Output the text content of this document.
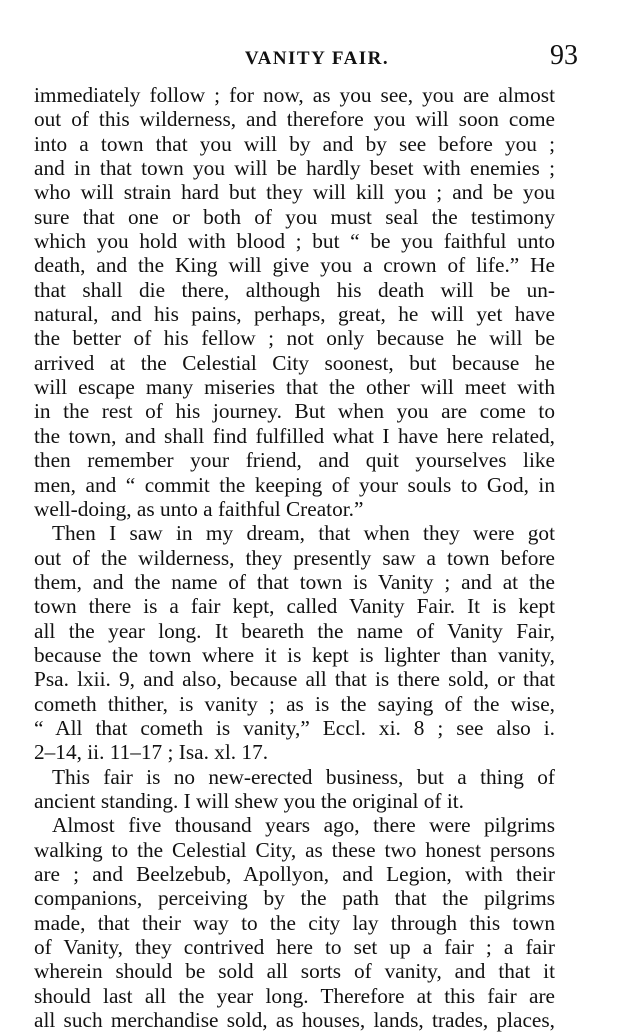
VANITY FAIR.	93
immediately follow ; for now, as you see, you are almost
out of this wilderness, and therefore you will soon come
into a town that you will by and by see before you ;
and in that town you will be hardly beset with enemies ;
who will strain hard but they will kill you ; and be you
sure that one or both of you must seal the testimony
which you hold with blood ; but “ be you faithful unto
death, and the King will give you a crown of life.” He
that shall die there, although his death will be un-
natural, and his pains, perhaps, great, he will yet have
the better of his fellow ; not only because he will be
arrived at the Celestial City soonest, but because he
will escape many miseries that the other will meet with
in the rest of his journey. But when you are come to
the town, and shall find fulfilled what I have here related,
then remember your friend, and quit yourselves like
men, and “ commit the keeping of your souls to God, in
well-doing, as unto a faithful Creator.”
Then I saw in my dream, that when they were got
out of the wilderness, they presently saw a town before
them, and the name of that town is Vanity ; and at the
town there is a fair kept, called Vanity Fair. It is kept
all the year long. It beareth the name of Vanity Fair,
because the town where it is kept is lighter than vanity,
Psa. lxii. 9, and also, because all that is there sold, or that
cometh thither, is vanity ; as is the saying of the wise,
“ All that cometh is vanity,” Eccl. xi. 8 ; see also i.
2–14, ii. 11–17 ; Isa. xl. 17.
This fair is no new-erected business, but a thing of
ancient standing. I will shew you the original of it.
Almost five thousand years ago, there were pilgrims
walking to the Celestial City, as these two honest persons
are ; and Beelzebub, Apollyon, and Legion, with their
companions, perceiving by the path that the pilgrims
made, that their way to the city lay through this town
of Vanity, they contrived here to set up a fair ; a fair
wherein should be sold all sorts of vanity, and that it
should last all the year long. Therefore at this fair are
all such merchandise sold, as houses, lands, trades, places,
